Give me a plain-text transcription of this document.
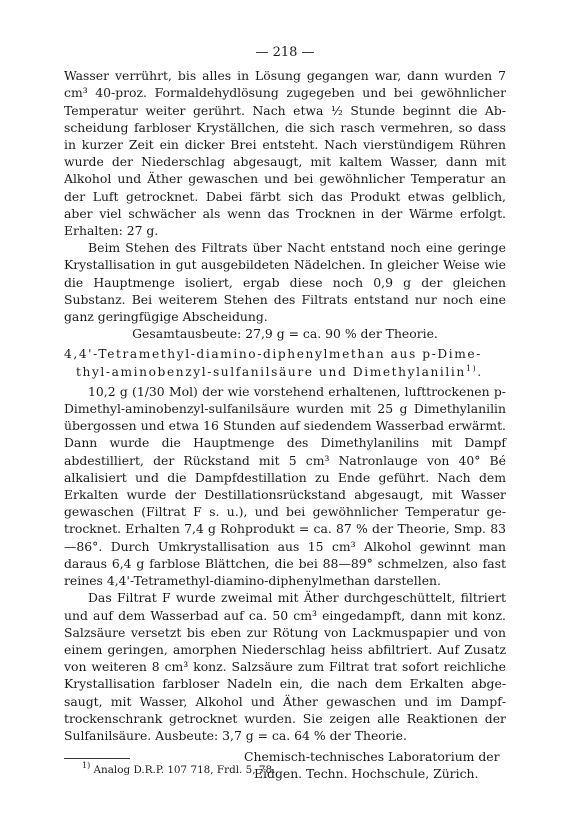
— 218 —

Wasser verrührt, bis alles in Lösung gegangen war, dann wurden 7 cm³ 40-proz. Formaldehydlösung zugegeben und bei gewöhnlicher Temperatur weiter gerührt. Nach etwa ½ Stunde beginnt die Abscheidung farbloser Kryställchen, die sich rasch vermehren, so dass in kurzer Zeit ein dicker Brei entsteht. Nach vierstündigem Rühren wurde der Niederschlag abgesaugt, mit kaltem Wasser, dann mit Alkohol und Äther gewaschen und bei gewöhnlicher Temperatur an der Luft getrocknet. Dabei färbt sich das Produkt etwas gelblich, aber viel schwächer als wenn das Trocknen in der Wärme erfolgt. Erhalten: 27 g.

Beim Stehen des Filtrats über Nacht entstand noch eine geringe Krystallisation in gut ausgebildeten Nädelchen. In gleicher Weise wie die Hauptmenge isoliert, ergab diese noch 0,9 g der gleichen Substanz. Bei weiterem Stehen des Filtrats entstand nur noch eine ganz geringfügige Abscheidung.

Gesamtausbeute: 27,9 g = ca. 90 % der Theorie.

4,4'-Tetramethyl-diamino-diphenylmethan aus p-Dime-
thyl-aminobenzyl-sulfanilsäure und Dimethylanilin$^{1)}$.

10,2 g (1/30 Mol) der wie vorstehend erhaltenen, lufttrockenen p-Dimethyl-aminobenzyl-sulfanilsäure wurden mit 25 g Dimethylanilin übergossen und etwa 16 Stunden auf siedendem Wasserbad erwärmt. Dann wurde die Hauptmenge des Dimethylanilins mit Dampf abdestilliert, der Rückstand mit 5 cm³ Natronlauge von 40° Bé alkalisiert und die Dampfdestillation zu Ende geführt. Nach dem Erkalten wurde der Destillationsrückstand abgesaugt, mit Wasser gewaschen (Filtrat F s. u.), und bei gewöhnlicher Temperatur getrocknet. Erhalten 7,4 g Rohprodukt = ca. 87 % der Theorie, Smp. 83—86°. Durch Umkrystallisation aus 15 cm³ Alkohol gewinnt man daraus 6,4 g farblose Blättchen, die bei 88—89° schmelzen, also fast reines 4,4'-Tetramethyl-diamino-diphenylmethan darstellen.

Das Filtrat F wurde zweimal mit Äther durchgeschüttelt, filtriert und auf dem Wasserbad auf ca. 50 cm³ eingedampft, dann mit konz. Salzsäure versetzt bis eben zur Rötung von Lackmuspapier und von einem geringen, amorphen Niederschlag heiss abfiltriert. Auf Zusatz von weiteren 8 cm³ konz. Salzsäure zum Filtrat trat sofort reichliche Krystallisation farbloser Nadeln ein, die nach dem Erkalten abgesaugt, mit Wasser, Alkohol und Äther gewaschen und im Dampftrockenschrank getrocknet wurden. Sie zeigen alle Reaktionen der Sulfanilsäure. Ausbeute: 3,7 g = ca. 64 % der Theorie.

Chemisch-technisches Laboratorium der
Eidgen. Techn. Hochschule, Zürich.
$^{1)}$ Analog D.R.P. 107 718, Frdl. 5, 78.
